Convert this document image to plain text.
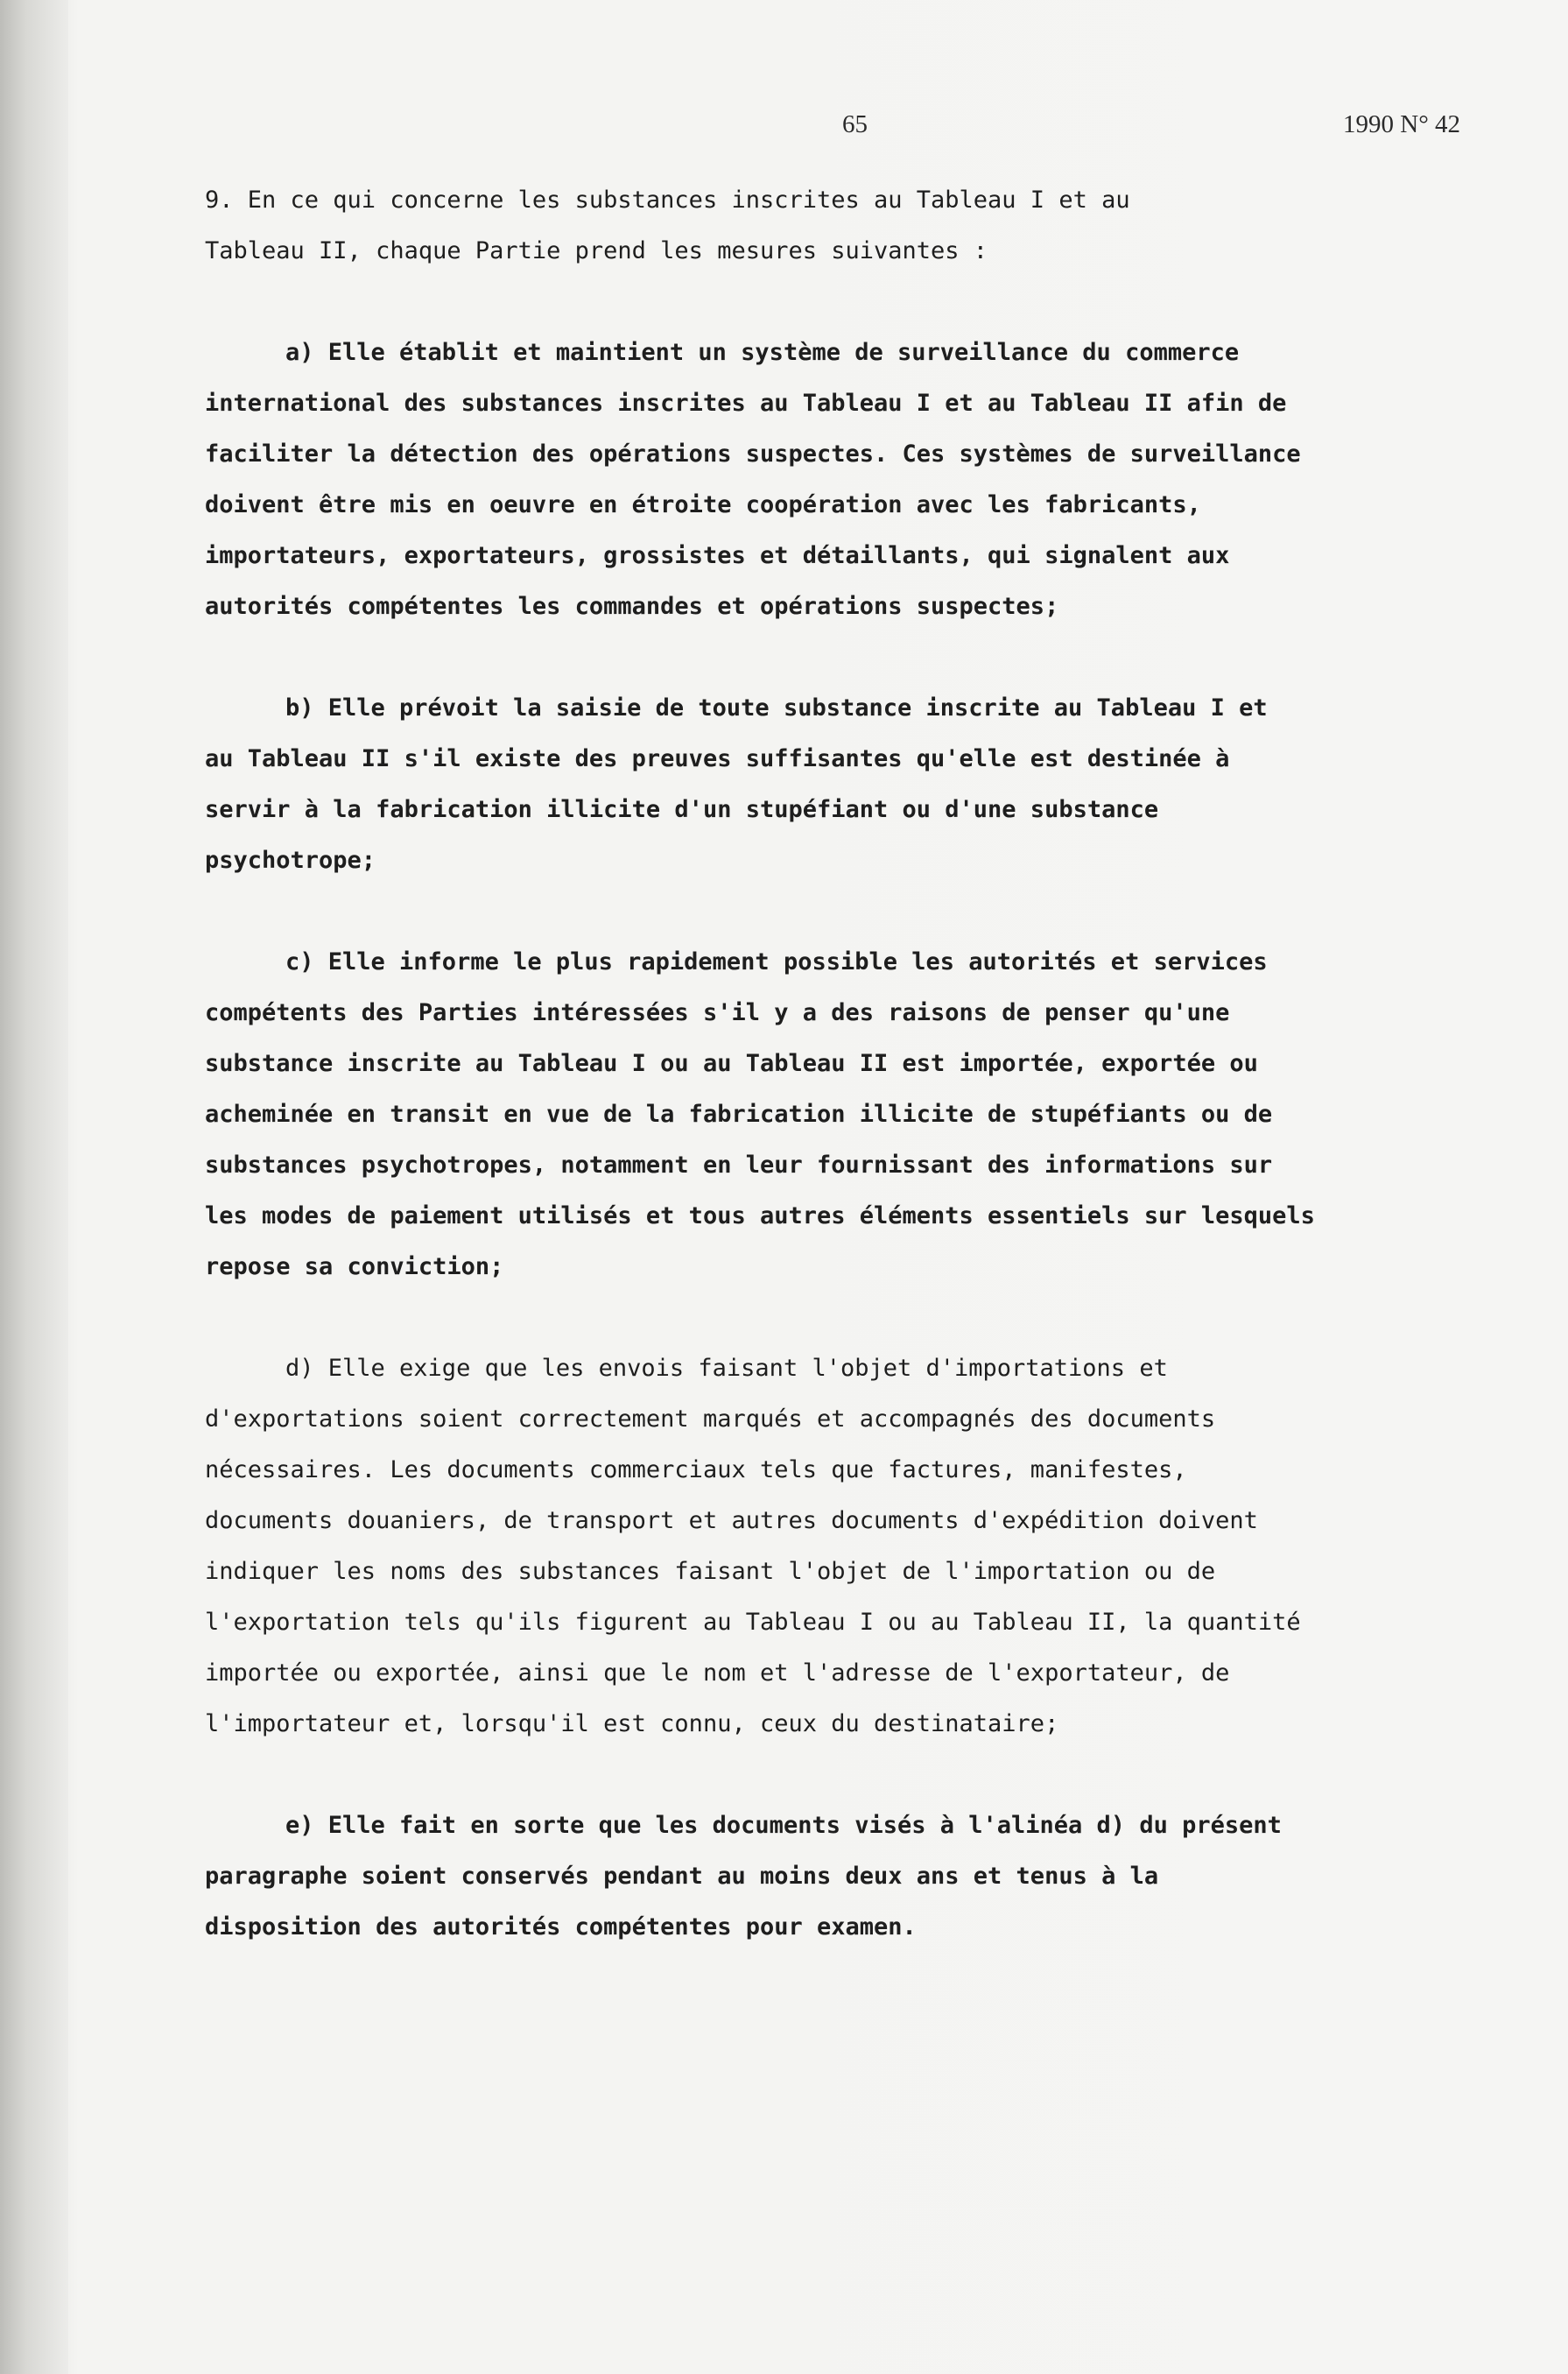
65	1990 N° 42
9. En ce qui concerne les substances inscrites au Tableau I et au
Tableau II, chaque Partie prend les mesures suivantes :
a) Elle établit et maintient un système de surveillance du commerce
international des substances inscrites au Tableau I et au Tableau II afin de
faciliter la détection des opérations suspectes. Ces systèmes de surveillance
doivent être mis en oeuvre en étroite coopération avec les fabricants,
importateurs, exportateurs, grossistes et détaillants, qui signalent aux
autorités compétentes les commandes et opérations suspectes;
b) Elle prévoit la saisie de toute substance inscrite au Tableau I et
au Tableau II s'il existe des preuves suffisantes qu'elle est destinée à
servir à la fabrication illicite d'un stupéfiant ou d'une substance
psychotrope;
c) Elle informe le plus rapidement possible les autorités et services
compétents des Parties intéressées s'il y a des raisons de penser qu'une
substance inscrite au Tableau I ou au Tableau II est importée, exportée ou
acheminée en transit en vue de la fabrication illicite de stupéfiants ou de
substances psychotropes, notamment en leur fournissant des informations sur
les modes de paiement utilisés et tous autres éléments essentiels sur lesquels
repose sa conviction;
d) Elle exige que les envois faisant l'objet d'importations et
d'exportations soient correctement marqués et accompagnés des documents
nécessaires. Les documents commerciaux tels que factures, manifestes,
documents douaniers, de transport et autres documents d'expédition doivent
indiquer les noms des substances faisant l'objet de l'importation ou de
l'exportation tels qu'ils figurent au Tableau I ou au Tableau II, la quantité
importée ou exportée, ainsi que le nom et l'adresse de l'exportateur, de
l'importateur et, lorsqu'il est connu, ceux du destinataire;
e) Elle fait en sorte que les documents visés à l'alinéa d) du présent
paragraphe soient conservés pendant au moins deux ans et tenus à la
disposition des autorités compétentes pour examen.
